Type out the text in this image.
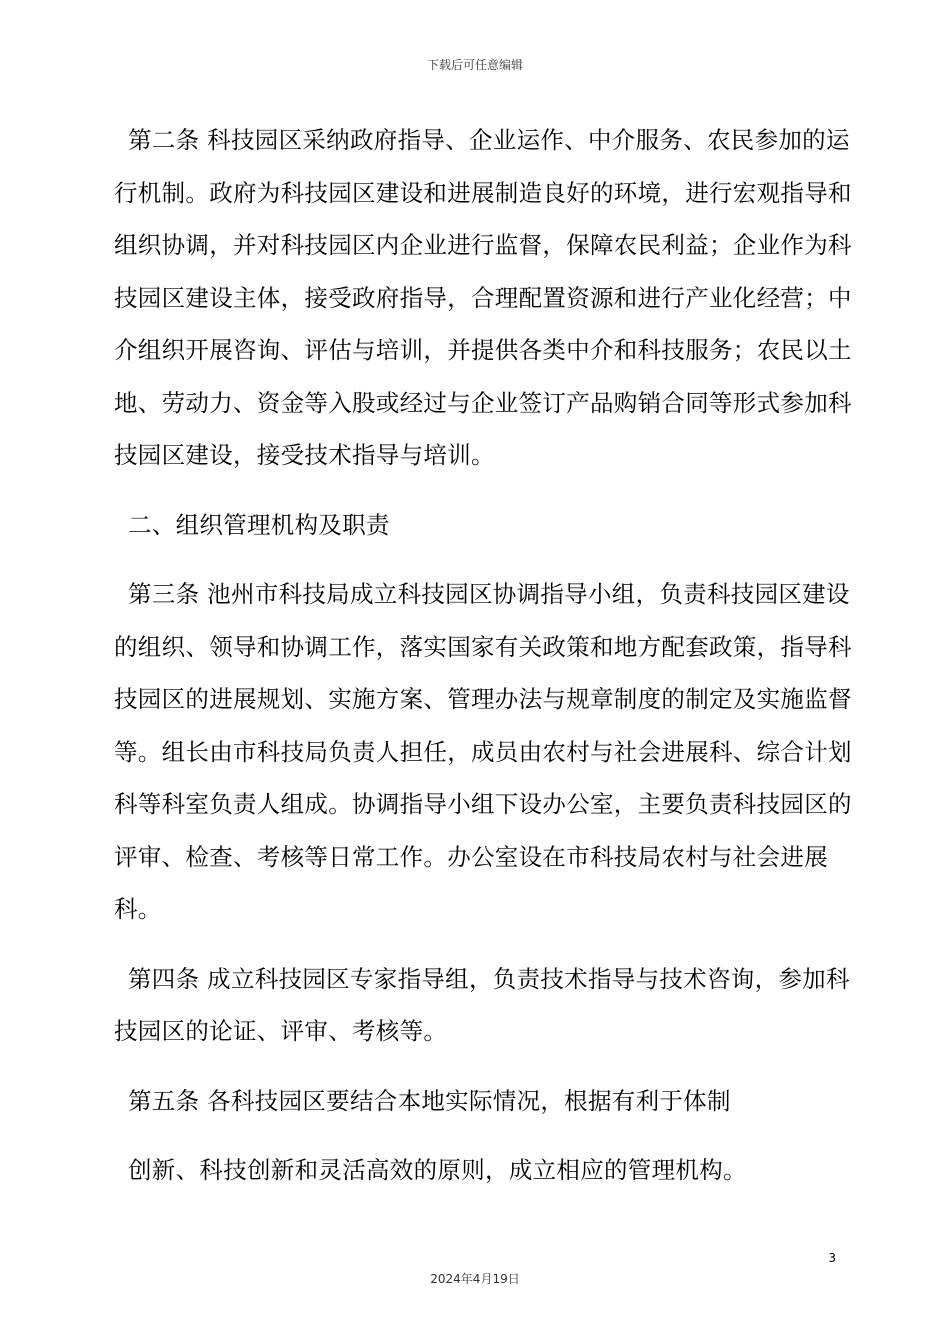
下载后可任意编辑
第二条 科技园区采纳政府指导、企业运作、中介服务、农民参加的运
行机制。政府为科技园区建设和进展制造良好的环境，进行宏观指导和
组织协调，并对科技园区内企业进行监督，保障农民利益；企业作为科
技园区建设主体，接受政府指导，合理配置资源和进行产业化经营；中
介组织开展咨询、评估与培训，并提供各类中介和科技服务；农民以土
地、劳动力、资金等入股或经过与企业签订产品购销合同等形式参加科
技园区建设，接受技术指导与培训。
二、组织管理机构及职责
第三条 池州市科技局成立科技园区协调指导小组，负责科技园区建设
的组织、领导和协调工作，落实国家有关政策和地方配套政策，指导科
技园区的进展规划、实施方案、管理办法与规章制度的制定及实施监督
等。组长由市科技局负责人担任，成员由农村与社会进展科、综合计划
科等科室负责人组成。协调指导小组下设办公室，主要负责科技园区的
评审、检查、考核等日常工作。办公室设在市科技局农村与社会进展
科。
第四条 成立科技园区专家指导组，负责技术指导与技术咨询，参加科
技园区的论证、评审、考核等。
第五条 各科技园区要结合本地实际情况，根据有利于体制
创新、科技创新和灵活高效的原则，成立相应的管理机构。
3
2024年4月19日
